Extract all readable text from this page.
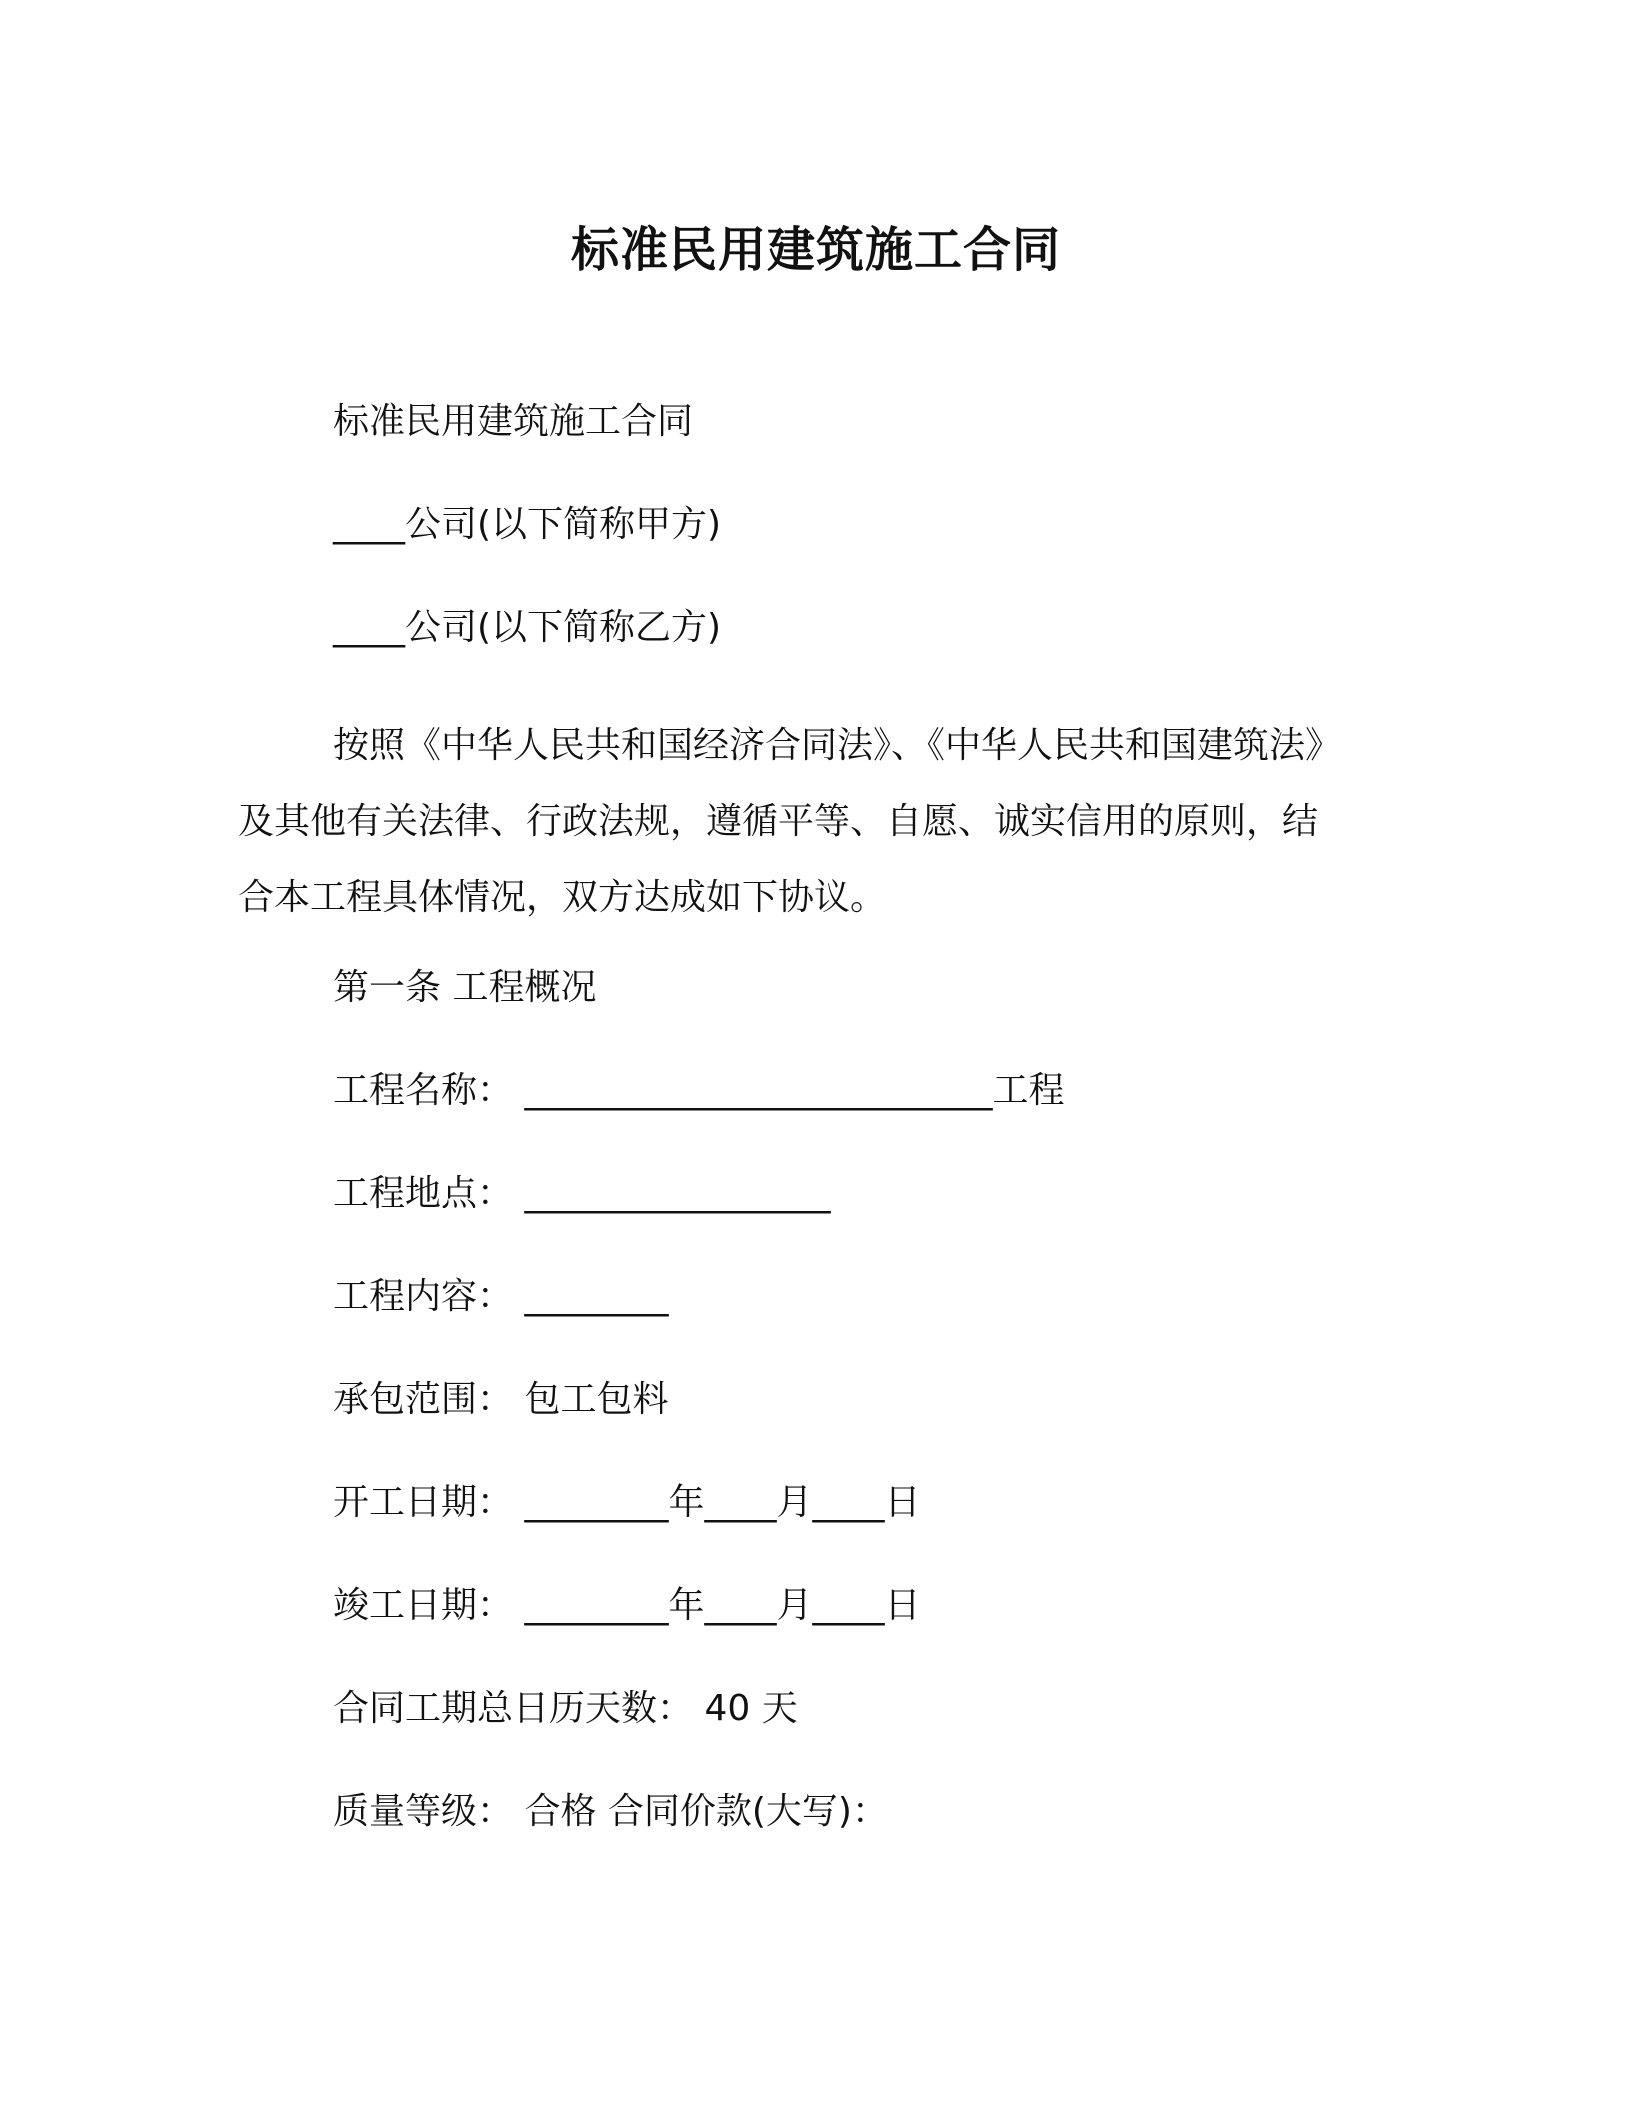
标准民用建筑施工合同
标准民用建筑施工合同
____公司(以下简称甲方)
____公司(以下简称乙方)
按照《中华人民共和国经济合同法》、《中华人民共和国建筑法》
及其他有关法律、行政法规，遵循平等、自愿、诚实信用的原则，结
合本工程具体情况，双方达成如下协议。
第一条 工程概况
工程名称： __________________________工程
工程地点： _________________
工程内容： ________
承包范围： 包工包料
开工日期： ________年____月____日
竣工日期： ________年____月____日
合同工期总日历天数： 40 天
质量等级： 合格 合同价款(大写)：
